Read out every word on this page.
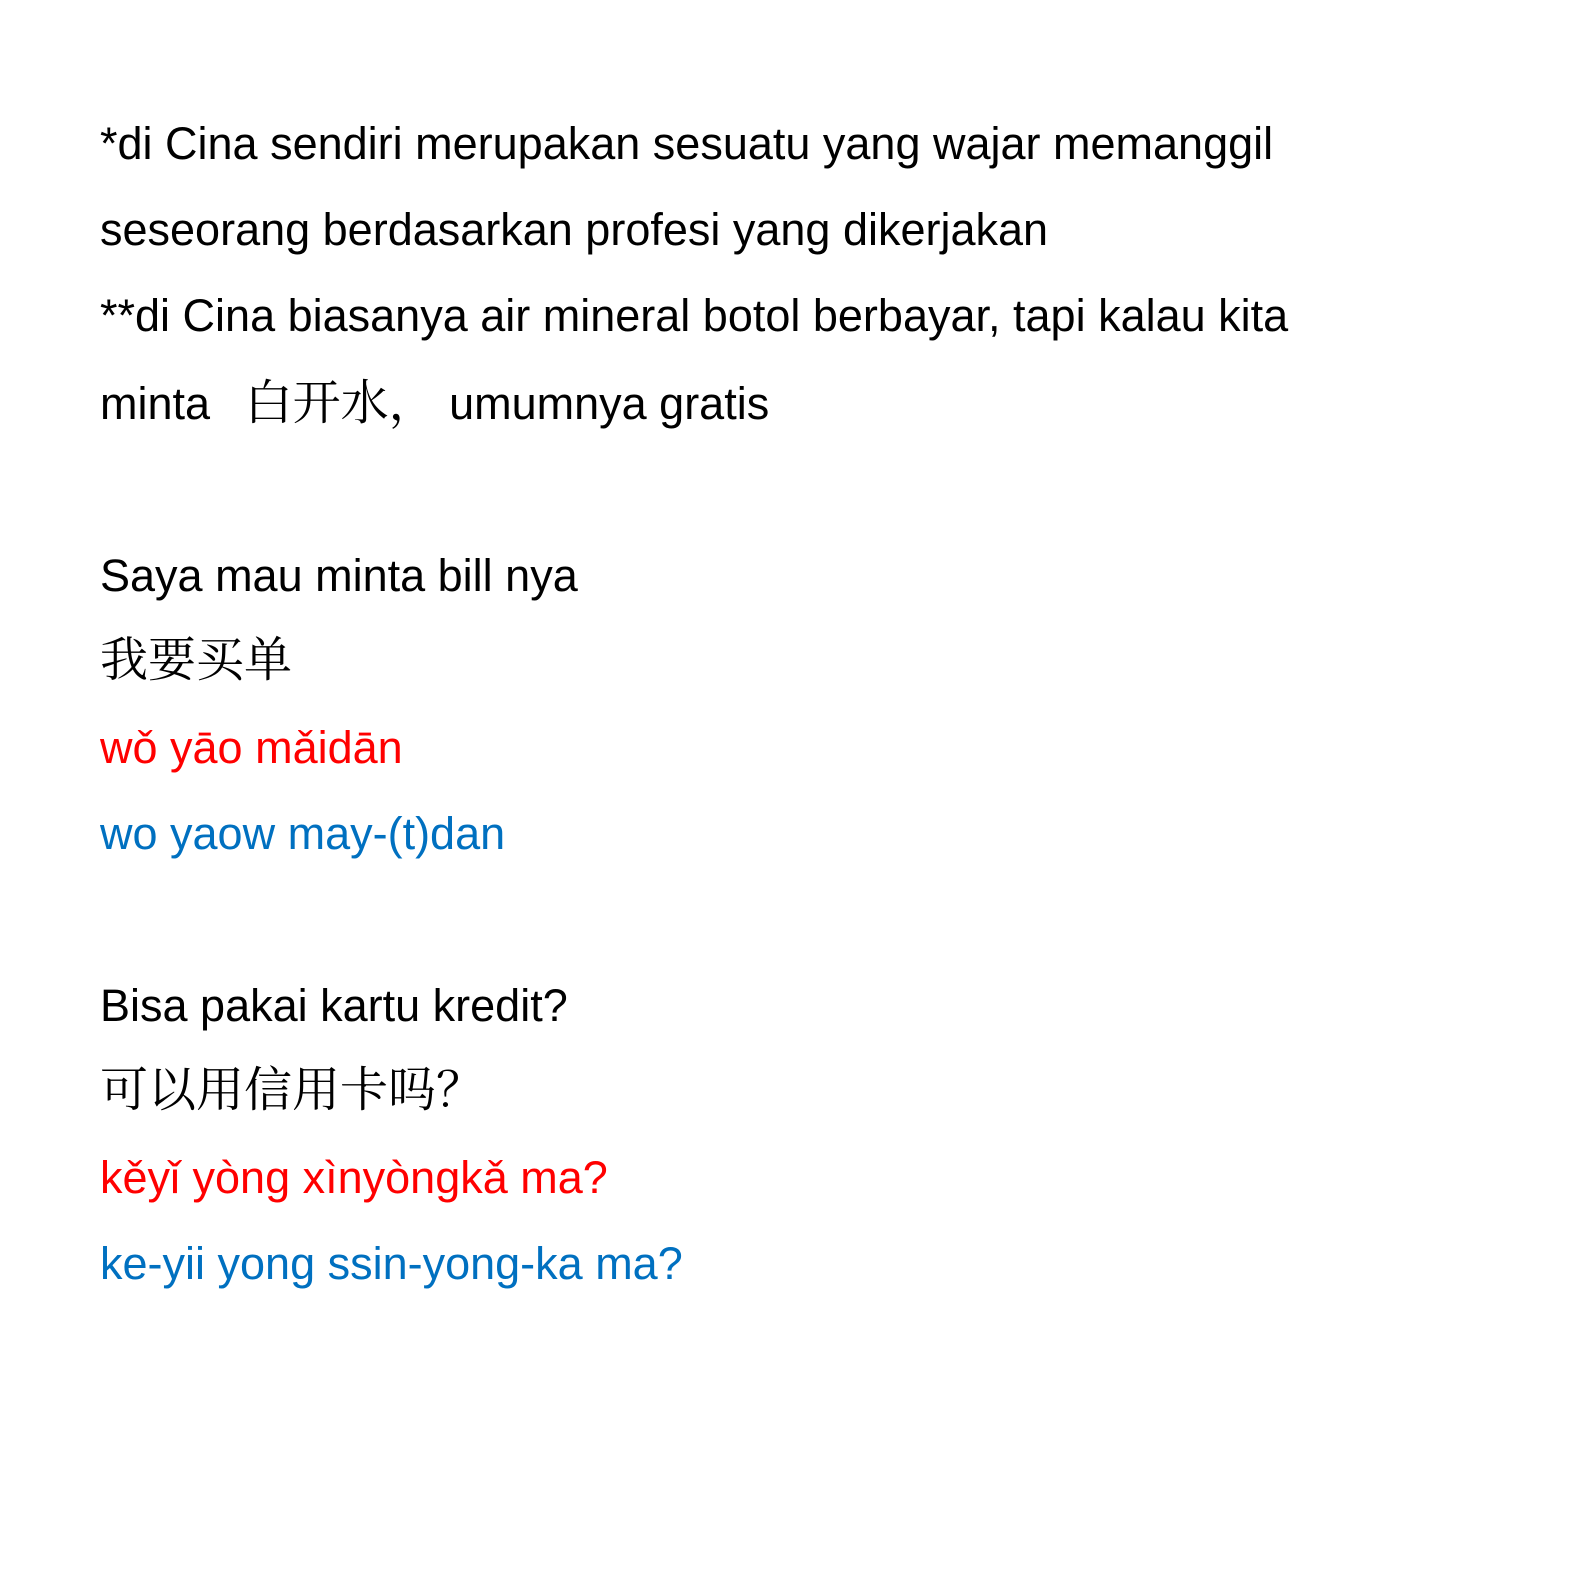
*di Cina sendiri merupakan sesuatu yang wajar memanggil

seseorang berdasarkan profesi yang dikerjakan

**di Cina biasanya air mineral botol berbayar, tapi kalau kita

minta 白开水， umumnya gratis

Saya mau minta bill nya

我要买单

wǒ yāo mǎidān

wo yaow may-(t)dan

Bisa pakai kartu kredit?

可以用信用卡吗？

kěyǐ yòng xìnyòngkǎ ma?

ke-yii yong ssin-yong-ka ma?
